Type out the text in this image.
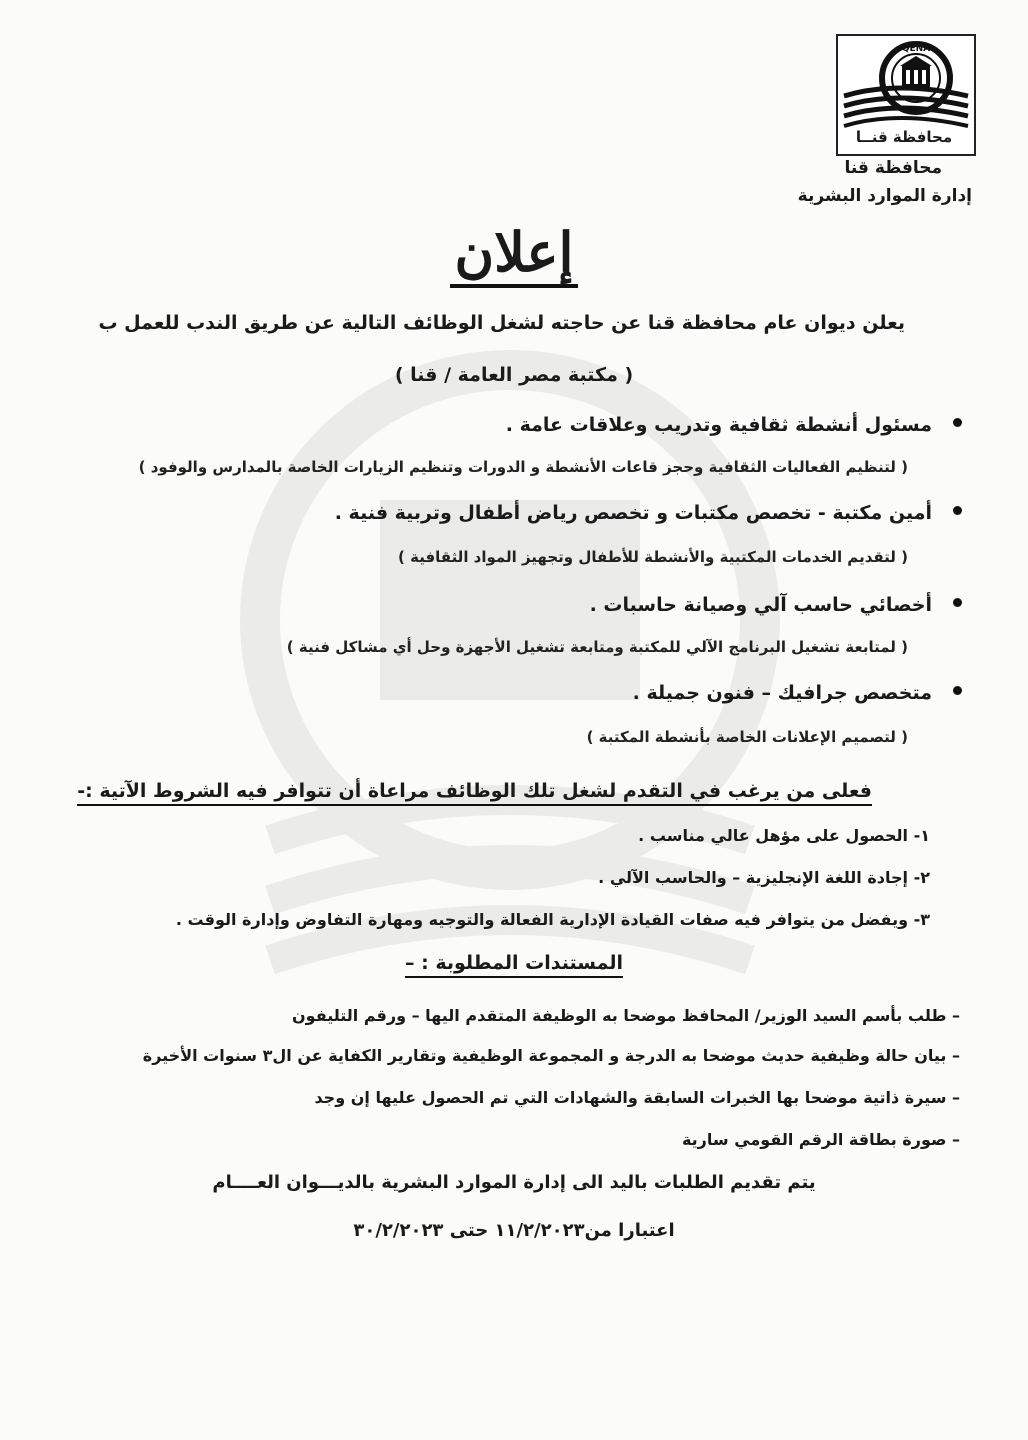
QENA
محافظة قنــا
محافظة قنا
إدارة الموارد البشرية
إعلان
يعلن ديوان عام محافظة قنا عن حاجته لشغل الوظائف التالية عن طريق الندب للعمل ب
( مكتبة مصر العامة / قنا )
مسئول أنشطة ثقافية وتدريب وعلاقات عامة .
( لتنظيم الفعاليات الثقافية وحجز قاعات الأنشطة و الدورات وتنظيم الزيارات الخاصة بالمدارس والوفود )
أمين مكتبة - تخصص مكتبات و تخصص رياض أطفال وتربية فنية .
( لتقديم الخدمات المكتبية والأنشطة للأطفال وتجهيز المواد الثقافية )
أخصائي حاسب آلي وصيانة حاسبات .
( لمتابعة تشغيل البرنامج الآلي للمكتبة ومتابعة تشغيل الأجهزة وحل أي مشاكل فنية )
متخصص جرافيك – فنون جميلة .
( لتصميم الإعلانات الخاصة بأنشطة المكتبة )
فعلى من يرغب في التقدم لشغل تلك الوظائف مراعاة أن تتوافر فيه الشروط الآتية :-
١- الحصول على مؤهل عالي مناسب .
٢- إجادة اللغة الإنجليزية – والحاسب الآلي .
٣- ويفضل من يتوافر فيه صفات القيادة الإدارية الفعالة والتوجيه ومهارة التفاوض وإدارة الوقت .
المستندات المطلوبة : –
– طلب بأسم السيد الوزير/ المحافظ موضحا به الوظيفة المتقدم اليها – ورقم التليفون
– بيان حالة وظيفية حديث موضحا به الدرجة و المجموعة الوظيفية وتقارير الكفاية عن ال٣ سنوات الأخيرة
– سيرة ذاتية موضحا بها الخبرات السابقة والشهادات التي تم الحصول عليها إن وجد
– صورة بطاقة الرقم القومي سارية
يتم تقديم الطلبات باليد الى إدارة الموارد البشرية بالديـــوان العــــام
اعتبارا من١١/٢/٢٠٢٣ حتى ٣٠/٢/٢٠٢٣
